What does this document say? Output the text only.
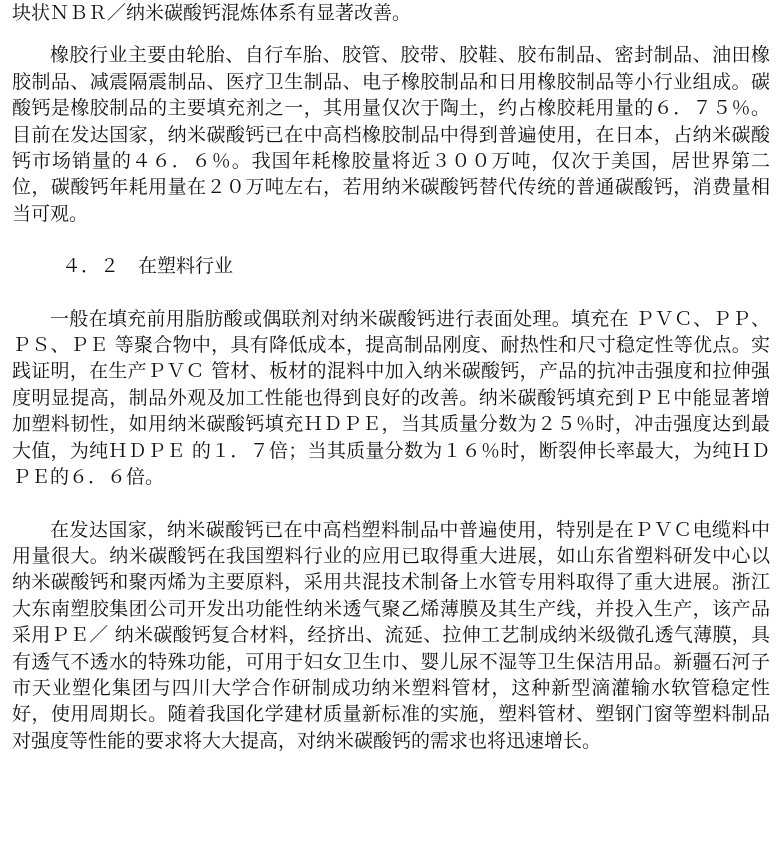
块状ＮＢＲ／纳米碳酸钙混炼体系有显著改善。

橡胶行业主要由轮胎、自行车胎、胶管、胶带、胶鞋、胶布制品、密封制品、油田橡胶制品、减震隔震制品、医疗卫生制品、电子橡胶制品和日用橡胶制品等小行业组成。碳酸钙是橡胶制品的主要填充剂之一，其用量仅次于陶土，约占橡胶耗用量的６．７５％。目前在发达国家，纳米碳酸钙已在中高档橡胶制品中得到普遍使用，在日本，占纳米碳酸钙市场销量的４６．６％。我国年耗橡胶量将近３００万吨，仅次于美国，居世界第二位，碳酸钙年耗用量在２０万吨左右，若用纳米碳酸钙替代传统的普通碳酸钙，消费量相当可观。

４．２　在塑料行业

一般在填充前用脂肪酸或偶联剂对纳米碳酸钙进行表面处理。填充在 ＰＶＣ、ＰＰ、ＰＳ、ＰＥ 等聚合物中，具有降低成本，提高制品刚度、耐热性和尺寸稳定性等优点。实践证明，在生产ＰＶＣ 管材、板材的混料中加入纳米碳酸钙，产品的抗冲击强度和拉伸强度明显提高，制品外观及加工性能也得到良好的改善。纳米碳酸钙填充到ＰＥ中能显著增加塑料韧性，如用纳米碳酸钙填充ＨＤＰＥ，当其质量分数为２５％时，冲击强度达到最大值，为纯ＨＤＰＥ 的１．７倍；当其质量分数为１６％时，断裂伸长率最大，为纯ＨＤＰＥ的６．６倍。

在发达国家，纳米碳酸钙已在中高档塑料制品中普遍使用，特别是在ＰＶＣ电缆料中用量很大。纳米碳酸钙在我国塑料行业的应用已取得重大进展，如山东省塑料研发中心以纳米碳酸钙和聚丙烯为主要原料，采用共混技术制备上水管专用料取得了重大进展。浙江大东南塑胶集团公司开发出功能性纳米透气聚乙烯薄膜及其生产线，并投入生产，该产品采用ＰＥ／ 纳米碳酸钙复合材料，经挤出、流延、拉伸工艺制成纳米级微孔透气薄膜，具有透气不透水的特殊功能，可用于妇女卫生巾、婴儿尿不湿等卫生保洁用品。新疆石河子市天业塑化集团与四川大学合作研制成功纳米塑料管材，这种新型滴灌输水软管稳定性好，使用周期长。随着我国化学建材质量新标准的实施，塑料管材、塑钢门窗等塑料制品对强度等性能的要求将大大提高，对纳米碳酸钙的需求也将迅速增长。
